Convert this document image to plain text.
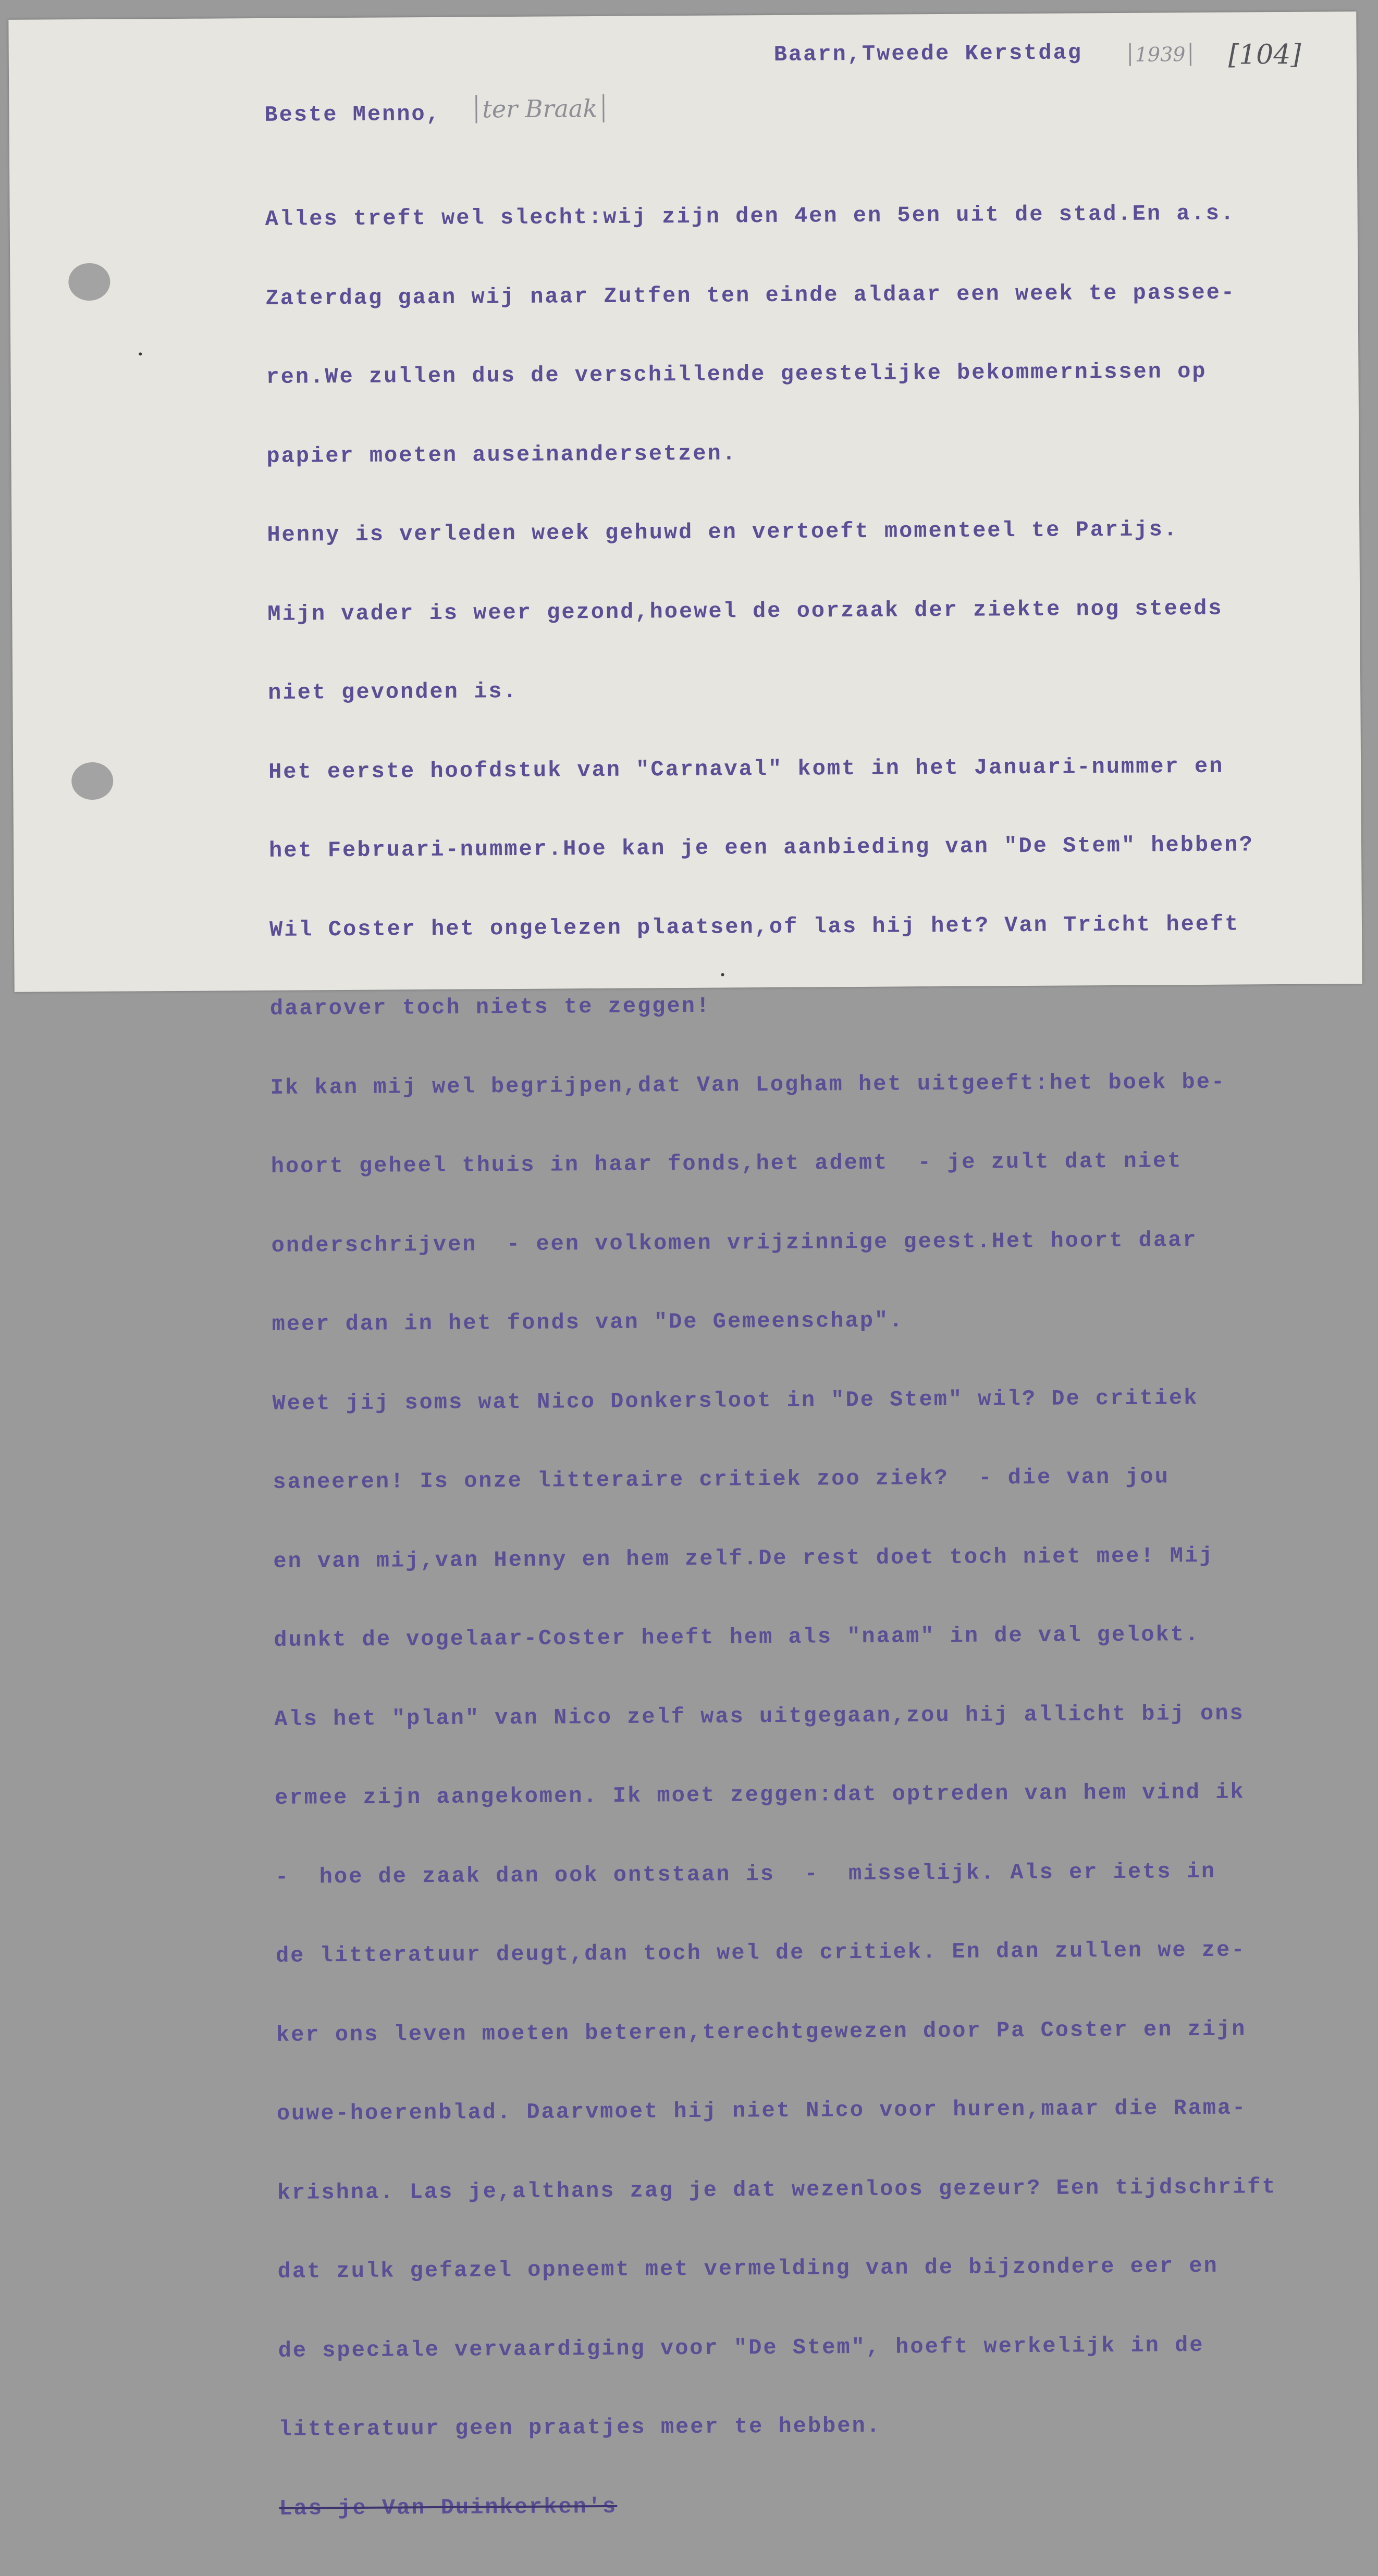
Baarn,Tweede Kerstdag	1939 [104]
Beste Menno, ter Braak

Alles treft wel slecht:wij zijn den 4en en 5en uit de stad.En a.s.

Zaterdag gaan wij naar Zutfen ten einde aldaar een week te passee-

ren.We zullen dus de verschillende geestelijke bekommernissen op

papier moeten auseinandersetzen.

Henny is verleden week gehuwd en vertoeft momenteel te Parijs.

Mijn vader is weer gezond,hoewel de oorzaak der ziekte nog steeds

niet gevonden is.

Het eerste hoofdstuk van "Carnaval" komt in het Januari-nummer en

het Februari-nummer.Hoe kan je een aanbieding van "De Stem" hebben?

Wil Coster het ongelezen plaatsen,of las hij het? Van Tricht heeft

daarover toch niets te zeggen!

Ik kan mij wel begrijpen,dat Van Logham het uitgeeft:het boek be-

hoort geheel thuis in haar fonds,het ademt  - je zult dat niet

onderschrijven  - een volkomen vrijzinnige geest.Het hoort daar

meer dan in het fonds van "De Gemeenschap".

Weet jij soms wat Nico Donkersloot in "De Stem" wil? De critiek

saneeren! Is onze litteraire critiek zoo ziek?  - die van jou

en van mij,van Henny en hem zelf.De rest doet toch niet mee! Mij

dunkt de vogelaar-Coster heeft hem als "naam" in de val gelokt.

Als het "plan" van Nico zelf was uitgegaan,zou hij allicht bij ons

ermee zijn aangekomen. Ik moet zeggen:dat optreden van hem vind ik

-  hoe de zaak dan ook ontstaan is  -  misselijk. Als er iets in

de litteratuur deugt,dan toch wel de critiek. En dan zullen we ze-

ker ons leven moeten beteren,terechtgewezen door Pa Coster en zijn

ouwe-hoerenblad. Daarvmoet hij niet Nico voor huren,maar die Rama-

krishna. Las je,althans zag je dat wezenloos gezeur? Een tijdschrift

dat zulk gefazel opneemt met vermelding van de bijzondere eer en

de speciale vervaardiging voor "De Stem", hoeft werkelijk in de

litteratuur geen praatjes meer te hebben.

Las je Van Duinkerken's
